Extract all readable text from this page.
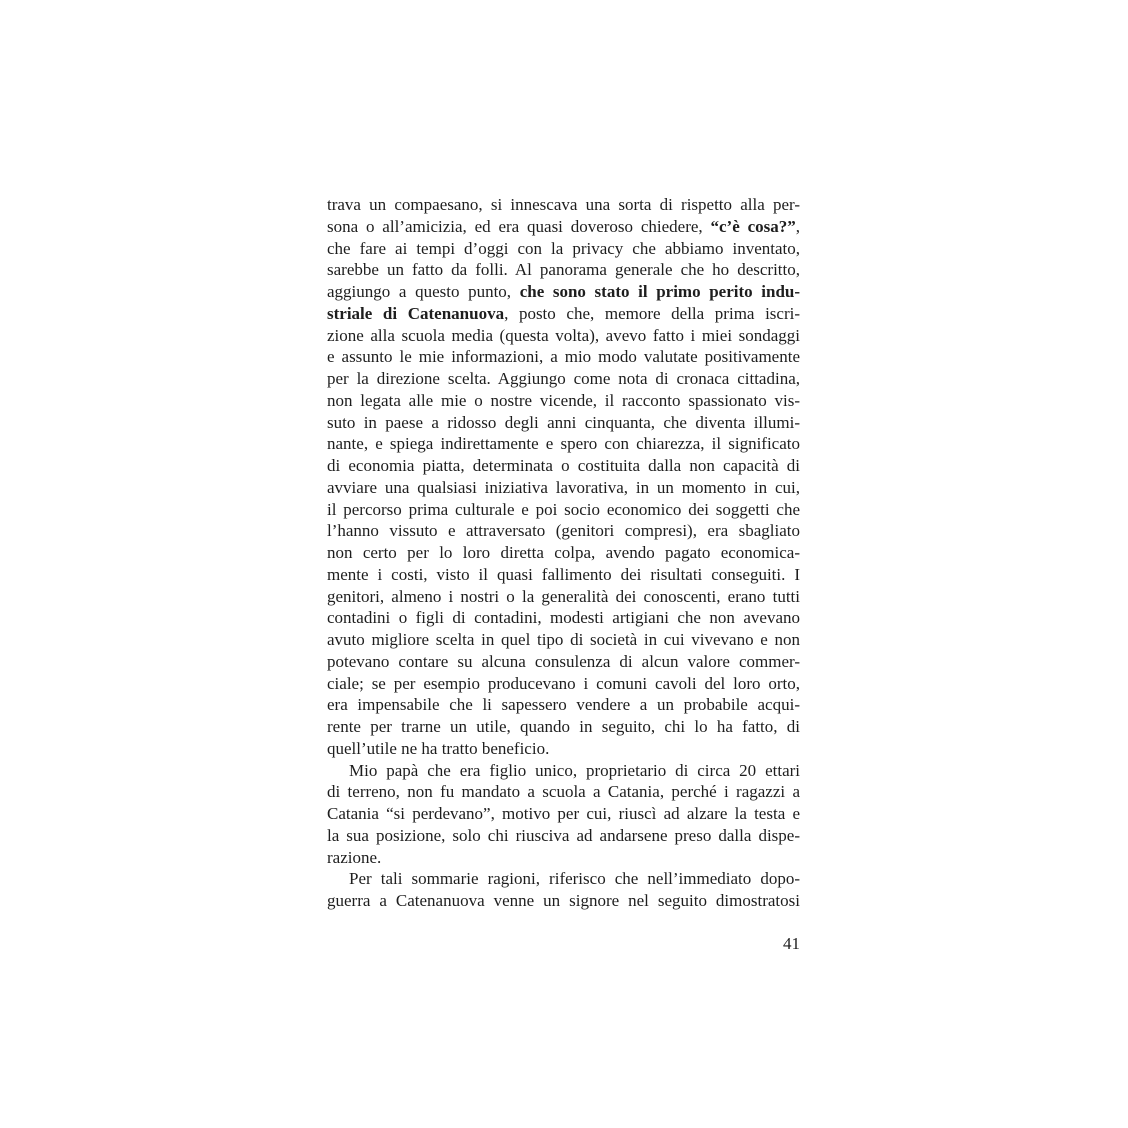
trava un compaesano, si innescava una sorta di rispetto alla per-
sona o all’amicizia, ed era quasi doveroso chiedere, “c’è cosa?”,
che fare ai tempi d’oggi con la privacy che abbiamo inventato,
sarebbe un fatto da folli. Al panorama generale che ho descritto,
aggiungo a questo punto, che sono stato il primo perito indu-
striale di Catenanuova, posto che, memore della prima iscri-
zione alla scuola media (questa volta), avevo fatto i miei sondaggi
e assunto le mie informazioni, a mio modo valutate positivamente
per la direzione scelta. Aggiungo come nota di cronaca cittadina,
non legata alle mie o nostre vicende, il racconto spassionato vis-
suto in paese a ridosso degli anni cinquanta, che diventa illumi-
nante, e spiega indirettamente e spero con chiarezza, il significato
di economia piatta, determinata o costituita dalla non capacità di
avviare una qualsiasi iniziativa lavorativa, in un momento in cui,
il percorso prima culturale e poi socio economico dei soggetti che
l’hanno vissuto e attraversato (genitori compresi), era sbagliato
non certo per lo loro diretta colpa, avendo pagato economica-
mente i costi, visto il quasi fallimento dei risultati conseguiti. I
genitori, almeno i nostri o la generalità dei conoscenti, erano tutti
contadini o figli di contadini, modesti artigiani che non avevano
avuto migliore scelta in quel tipo di società in cui vivevano e non
potevano contare su alcuna consulenza di alcun valore commer-
ciale; se per esempio producevano i comuni cavoli del loro orto,
era impensabile che li sapessero vendere a un probabile acqui-
rente per trarne un utile, quando in seguito, chi lo ha fatto, di
quell’utile ne ha tratto beneficio.
Mio papà che era figlio unico, proprietario di circa 20 ettari
di terreno, non fu mandato a scuola a Catania, perché i ragazzi a
Catania “si perdevano”, motivo per cui, riuscì ad alzare la testa e
la sua posizione, solo chi riusciva ad andarsene preso dalla dispe-
razione.
Per tali sommarie ragioni, riferisco che nell’immediato dopo-
guerra a Catenanuova venne un signore nel seguito dimostratosi
41
